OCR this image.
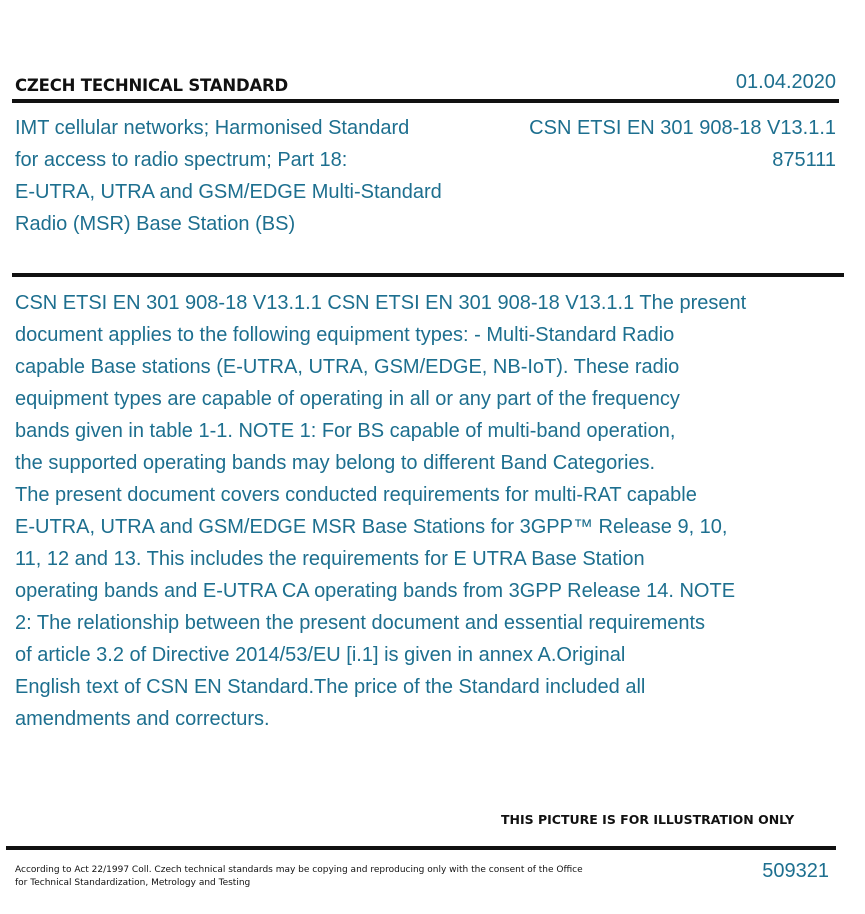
CZECH TECHNICAL STANDARD	01.04.2020
IMT cellular networks; Harmonised Standard
for access to radio spectrum; Part 18:
E-UTRA, UTRA and GSM/EDGE Multi-Standard
Radio (MSR) Base Station (BS)
CSN ETSI EN 301 908-18 V13.1.1
875111
CSN ETSI EN 301 908-18 V13.1.1 CSN ETSI EN 301 908-18 V13.1.1 The present
document applies to the following equipment types: - Multi-Standard Radio
capable Base stations (E-UTRA, UTRA, GSM/EDGE, NB-IoT). These radio
equipment types are capable of operating in all or any part of the frequency
bands given in table 1-1. NOTE 1: For BS capable of multi-band operation,
the supported operating bands may belong to different Band Categories.
The present document covers conducted requirements for multi-RAT capable
E-UTRA, UTRA and GSM/EDGE MSR Base Stations for 3GPP™ Release 9, 10,
11, 12 and 13. This includes the requirements for E UTRA Base Station
operating bands and E-UTRA CA operating bands from 3GPP Release 14. NOTE
2: The relationship between the present document and essential requirements
of article 3.2 of Directive 2014/53/EU [i.1] is given in annex A.Original
English text of CSN EN Standard.The price of the Standard included all
amendments and correcturs.
THIS PICTURE IS FOR ILLUSTRATION ONLY
According to Act 22/1997 Coll. Czech technical standards may be copying and reproducing only with the consent of the Office
for Technical Standardization, Metrology and Testing
509321
